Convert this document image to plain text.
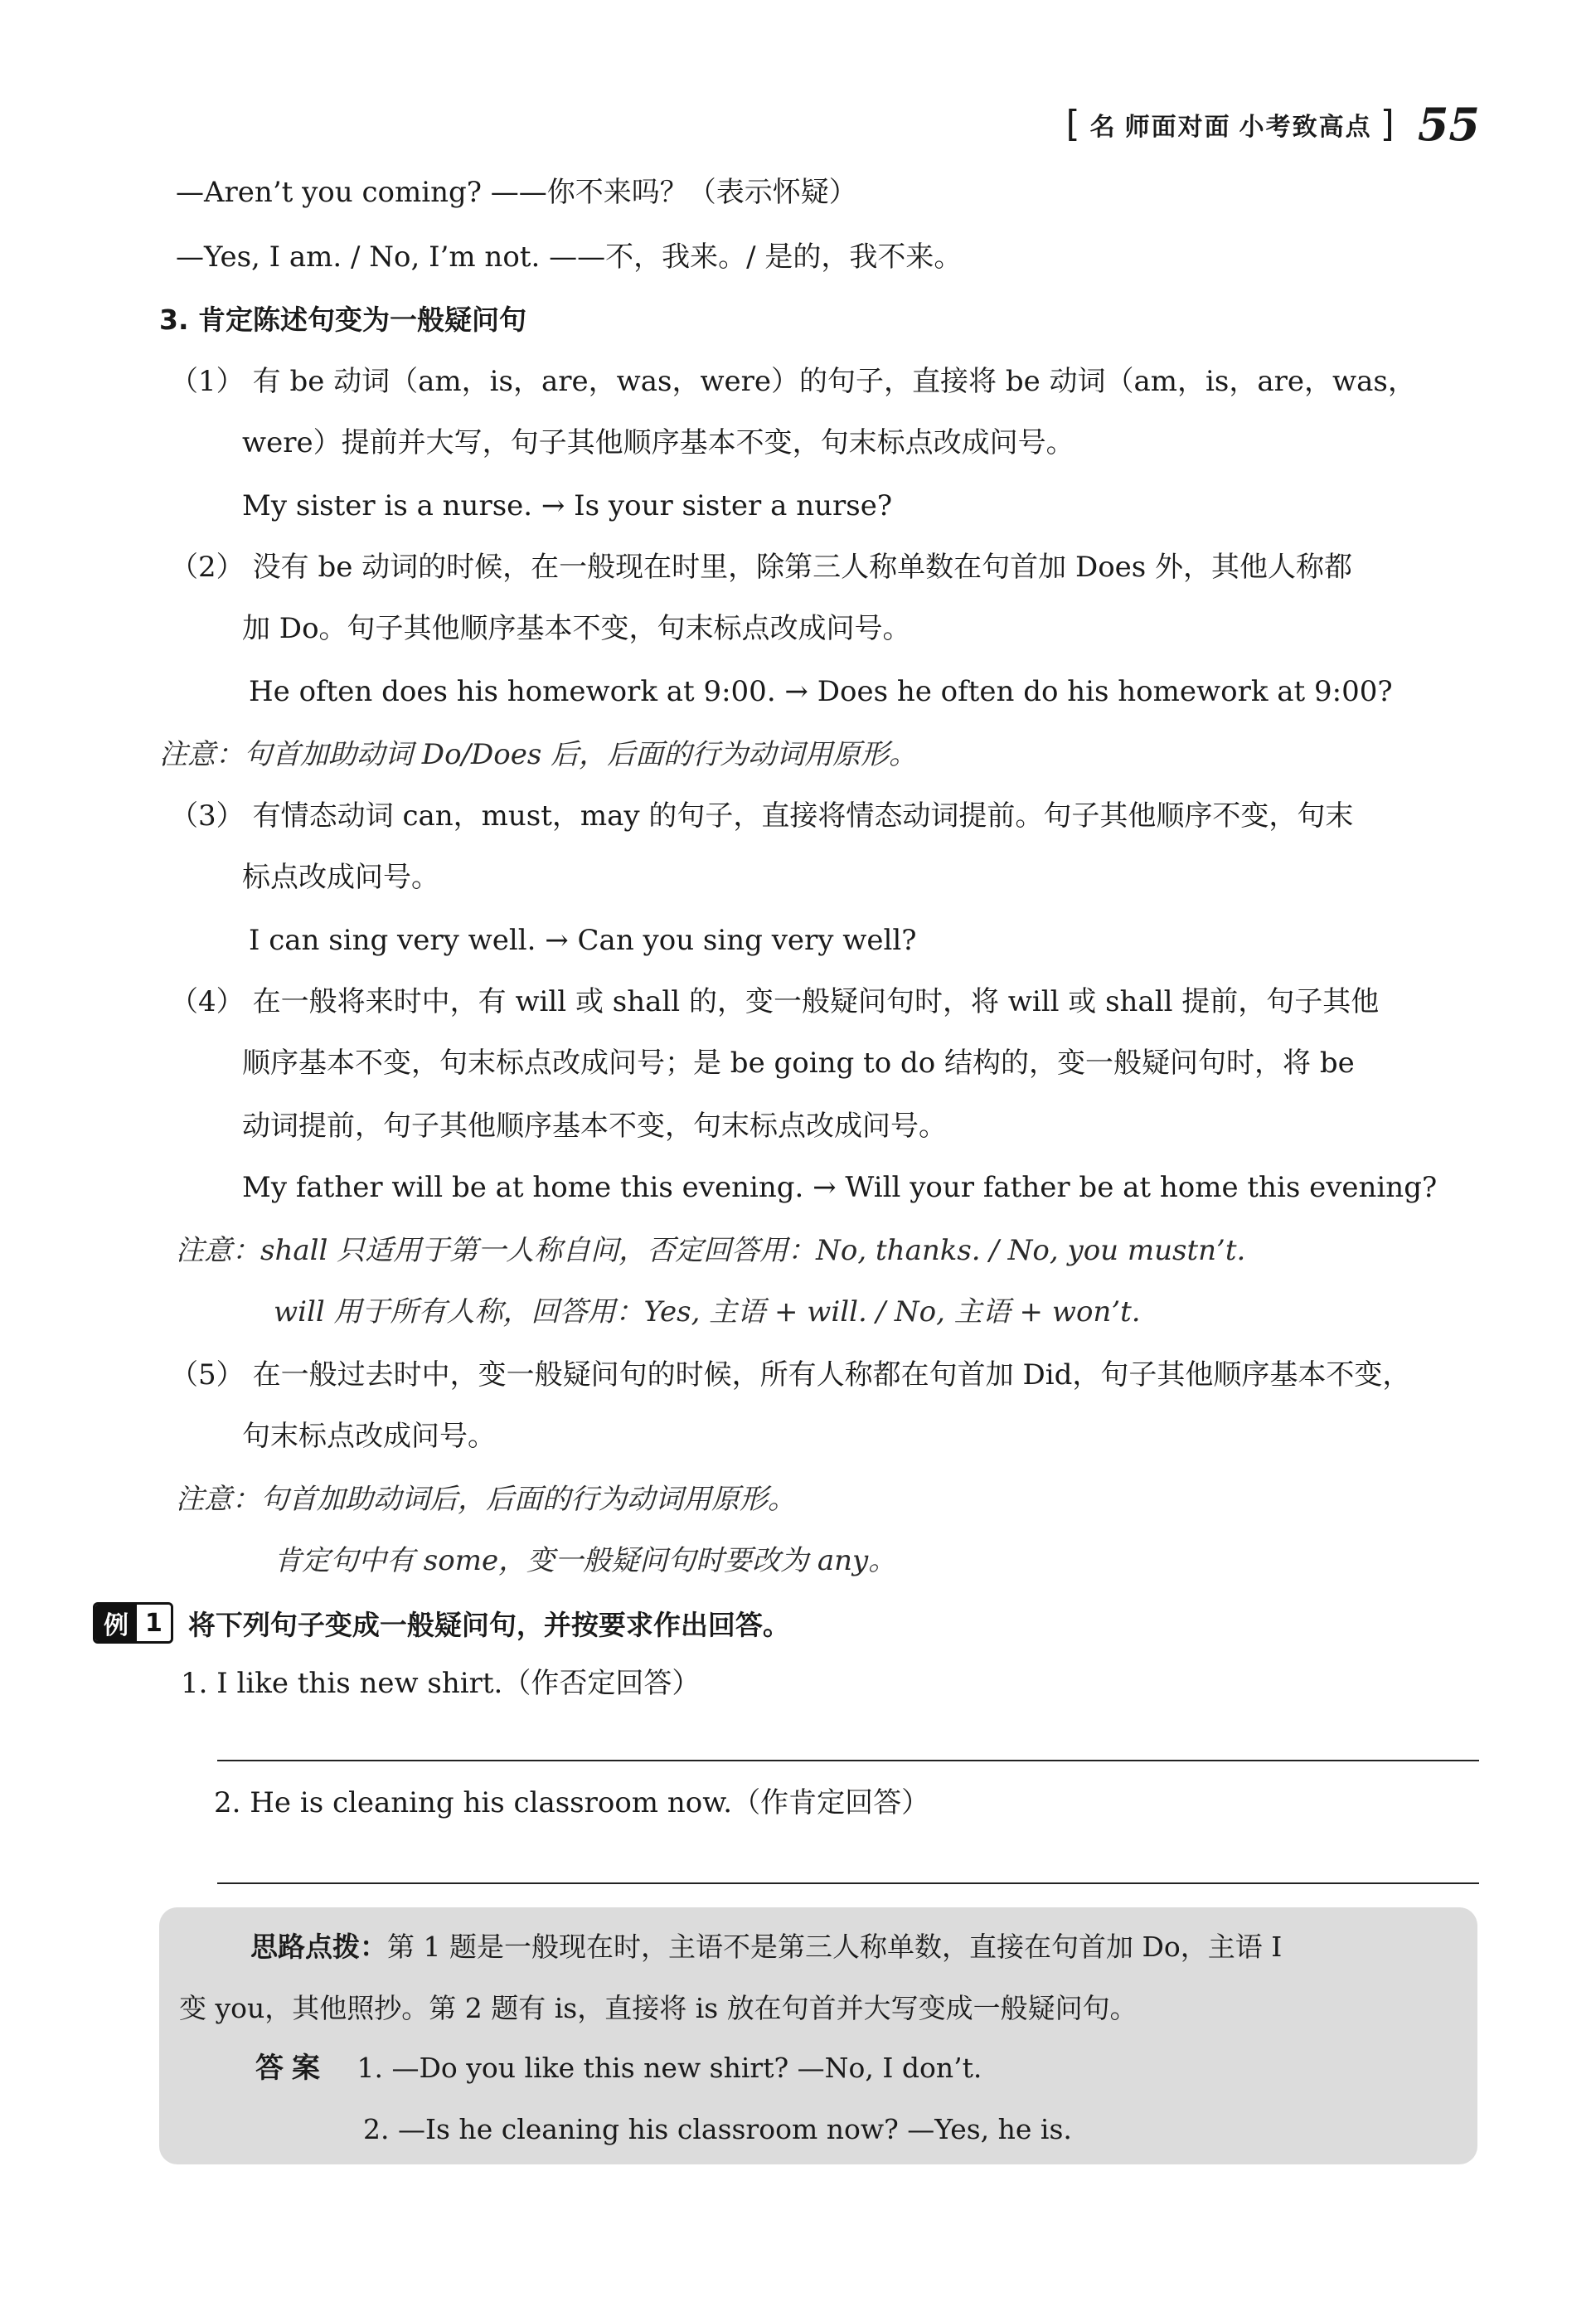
[ 名 师面对面 小考致高点 ] 55
—Aren’t you coming? ——你不来吗？（表示怀疑）
—Yes, I am. / No, I’m not. ——不，我来。/ 是的，我不来。
3. 肯定陈述句变为一般疑问句
（1） 有 be 动词（am，is，are，was，were）的句子，直接将 be 动词（am，is，are，was，
were）提前并大写，句子其他顺序基本不变，句末标点改成问号。
My sister is a nurse. → Is your sister a nurse?
（2） 没有 be 动词的时候，在一般现在时里，除第三人称单数在句首加 Does 外，其他人称都
加 Do。句子其他顺序基本不变，句末标点改成问号。
He often does his homework at 9:00. → Does he often do his homework at 9:00?
注意：句首加助动词 Do/Does 后，后面的行为动词用原形。
（3） 有情态动词 can，must，may 的句子，直接将情态动词提前。句子其他顺序不变，句末
标点改成问号。
I can sing very well. → Can you sing very well?
（4） 在一般将来时中，有 will 或 shall 的，变一般疑问句时，将 will 或 shall 提前，句子其他
顺序基本不变，句末标点改成问号；是 be going to do 结构的，变一般疑问句时，将 be
动词提前，句子其他顺序基本不变，句末标点改成问号。
My father will be at home this evening. → Will your father be at home this evening?
注意：shall 只适用于第一人称自问，否定回答用：No, thanks. / No, you mustn’t.
will 用于所有人称，回答用：Yes, 主语 + will. / No, 主语 + won’t.
（5） 在一般过去时中，变一般疑问句的时候，所有人称都在句首加 Did，句子其他顺序基本不变，
句末标点改成问号。
注意：句首加助动词后，后面的行为动词用原形。
肯定句中有 some，变一般疑问句时要改为 any。
例 1 将下列句子变成一般疑问句，并按要求作出回答。
1. I like this new shirt.（作否定回答）
2. He is cleaning his classroom now.（作肯定回答）
思路点拨：第 1 题是一般现在时，主语不是第三人称单数，直接在句首加 Do，主语 I
变 you，其他照抄。第 2 题有 is，直接将 is 放在句首并大写变成一般疑问句。
答案 1. —Do you like this new shirt? —No, I don’t.
2. —Is he cleaning his classroom now? —Yes, he is.
